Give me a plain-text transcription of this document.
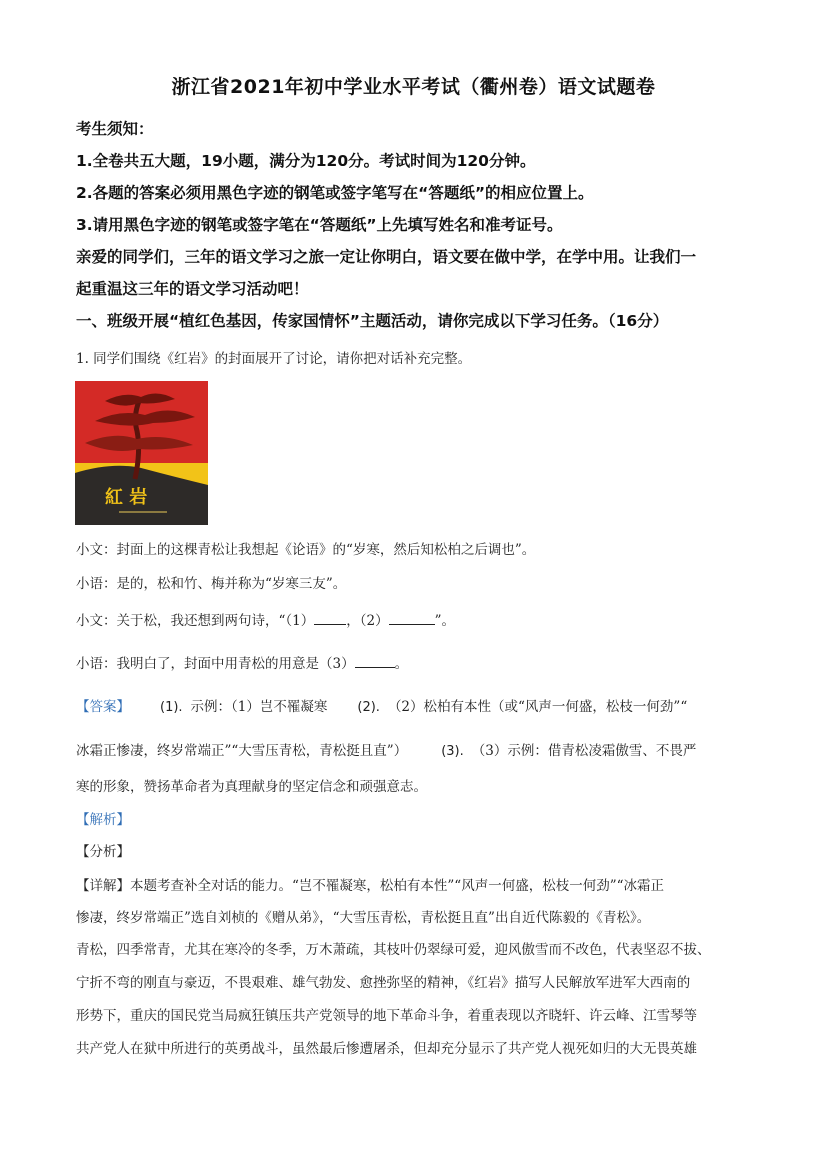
浙江省2021年初中学业水平考试（衢州卷）语文试题卷
考生须知：
1.全卷共五大题，19小题，满分为120分。考试时间为120分钟。
2.各题的答案必须用黑色字迹的钢笔或签字笔写在“答题纸”的相应位置上。
3.请用黑色字迹的钢笔或签字笔在“答题纸”上先填写姓名和准考证号。
亲爱的同学们，三年的语文学习之旅一定让你明白，语文要在做中学，在学中用。让我们一
起重温这三年的语文学习活动吧！
一、班级开展“植红色基因，传家国情怀”主题活动，请你完成以下学习任务。（16分）
1. 同学们围绕《红岩》的封面展开了讨论，请你把对话补充完整。
紅 岩
小文：封面上的这棵青松让我想起《论语》的“岁寒，然后知松柏之后调也”。
小语：是的，松和竹、梅并称为“岁寒三友”。
小文：关于松，我还想到两句诗，“（1） ，（2）	”。
小语：我明白了，封面中用青松的用意是（3）	。
【答案】 (1). 示例：（1）岂不罹凝寒 (2). （2）松柏有本性（或“风声一何盛，松枝一何劲”“
冰霜正惨凄，终岁常端正”“大雪压青松，青松挺且直”）	(3). （3）示例：借青松凌霜傲雪、不畏严
寒的形象，赞扬革命者为真理献身的坚定信念和顽强意志。
【解析】
【分析】
【详解】本题考查补全对话的能力。“岂不罹凝寒，松柏有本性”“风声一何盛，松枝一何劲”“冰霜正
惨凄，终岁常端正”选自刘桢的《赠从弟》，“大雪压青松，青松挺且直”出自近代陈毅的《青松》。
青松，四季常青，尤其在寒冷的冬季，万木萧疏，其枝叶仍翠绿可爱，迎风傲雪而不改色，代表坚忍不拔、
宁折不弯的刚直与豪迈，不畏艰难、雄气勃发、愈挫弥坚的精神，《红岩》描写人民解放军进军大西南的
形势下，重庆的国民党当局疯狂镇压共产党领导的地下革命斗争，着重表现以齐晓轩、许云峰、江雪琴等
共产党人在狱中所进行的英勇战斗，虽然最后惨遭屠杀，但却充分显示了共产党人视死如归的大无畏英雄
